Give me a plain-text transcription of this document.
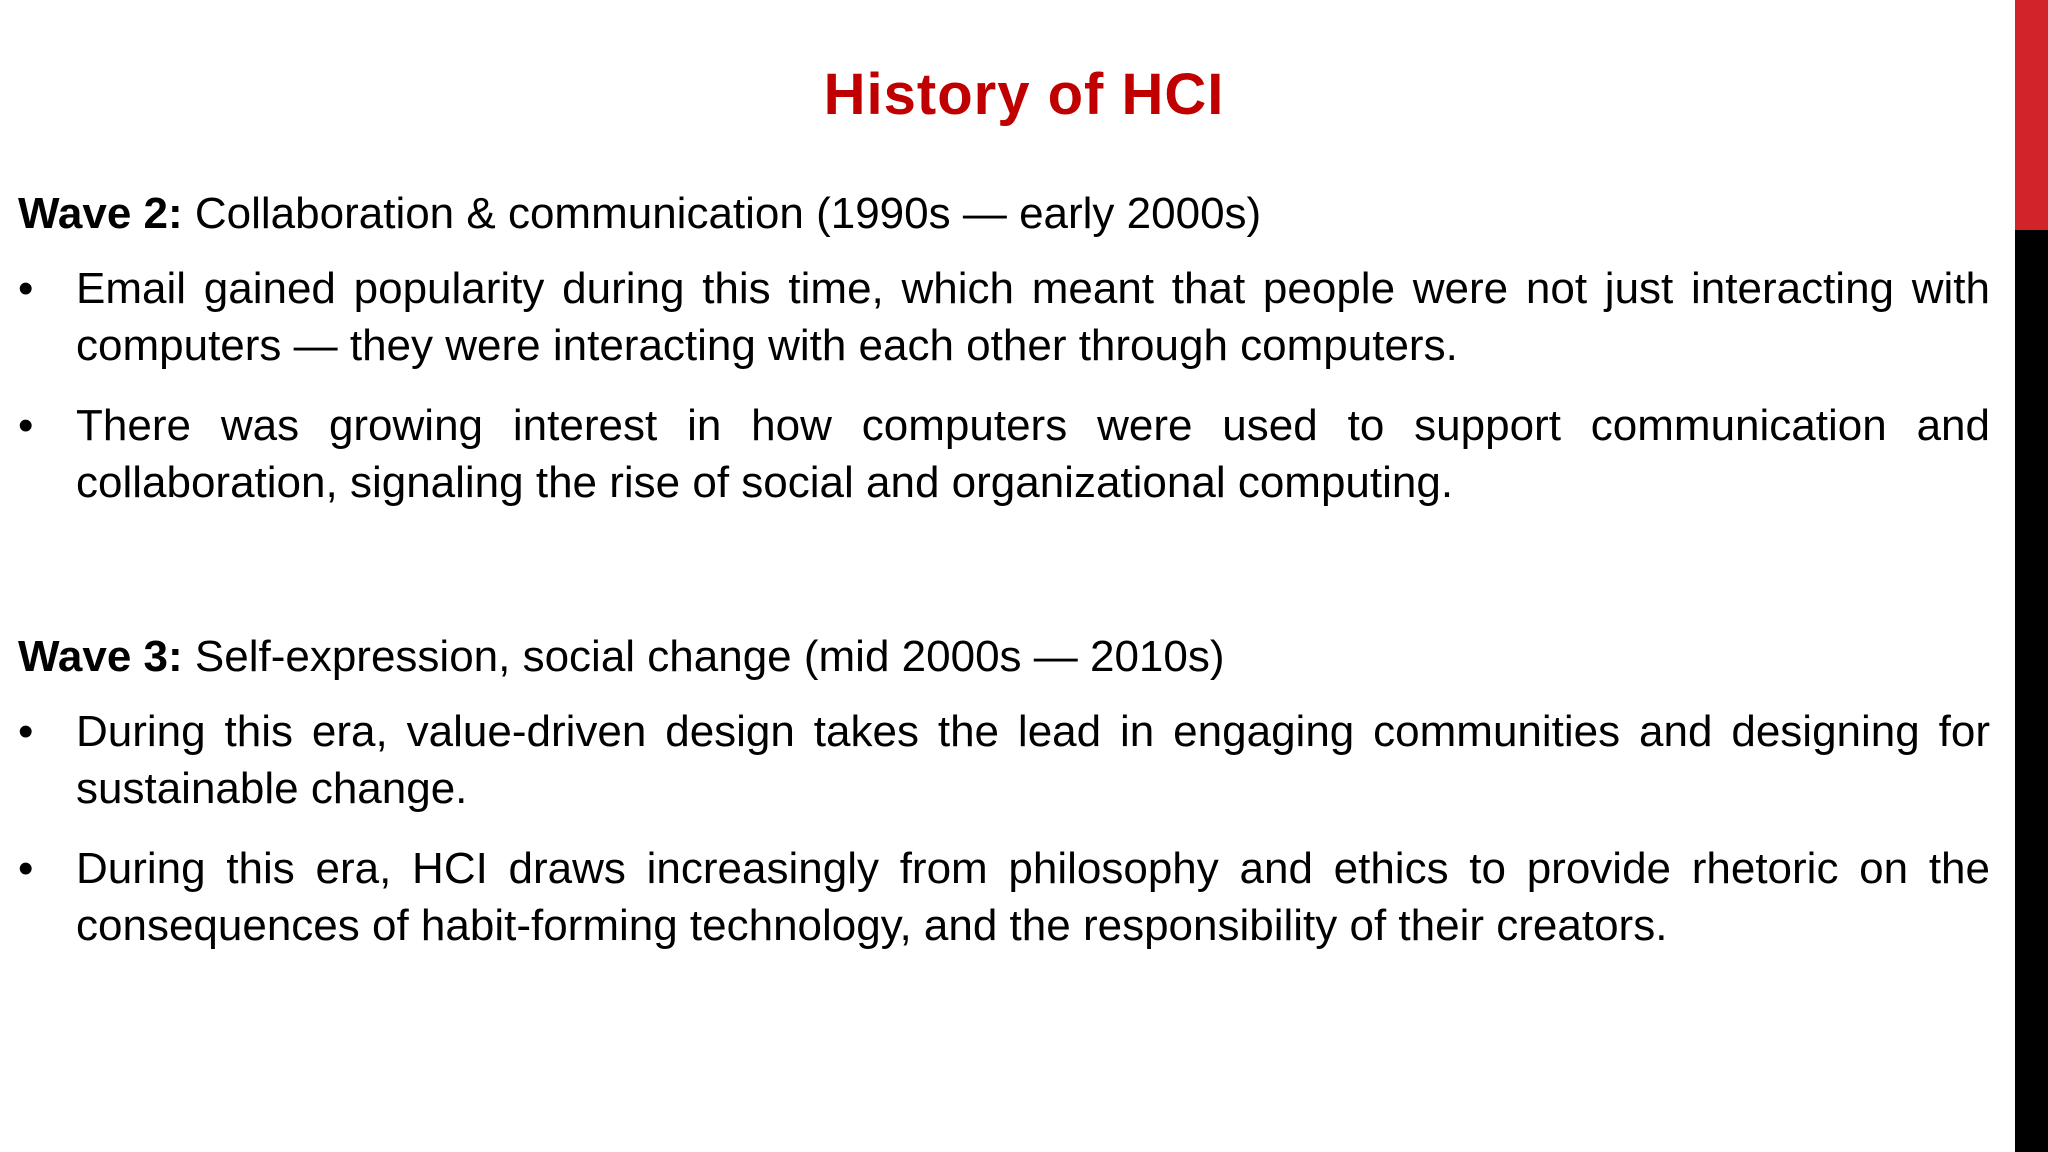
History of HCI

Wave 2: Collaboration & communication (1990s — early 2000s)

• Email gained popularity during this time, which meant that people were not just interacting with computers — they were interacting with each other through computers.
• There was growing interest in how computers were used to support communication and collaboration, signaling the rise of social and organizational computing.

Wave 3: Self-expression, social change (mid 2000s — 2010s)

• During this era, value-driven design takes the lead in engaging communities and designing for sustainable change.
• During this era, HCI draws increasingly from philosophy and ethics to provide rhetoric on the consequences of habit-forming technology, and the responsibility of their creators.
